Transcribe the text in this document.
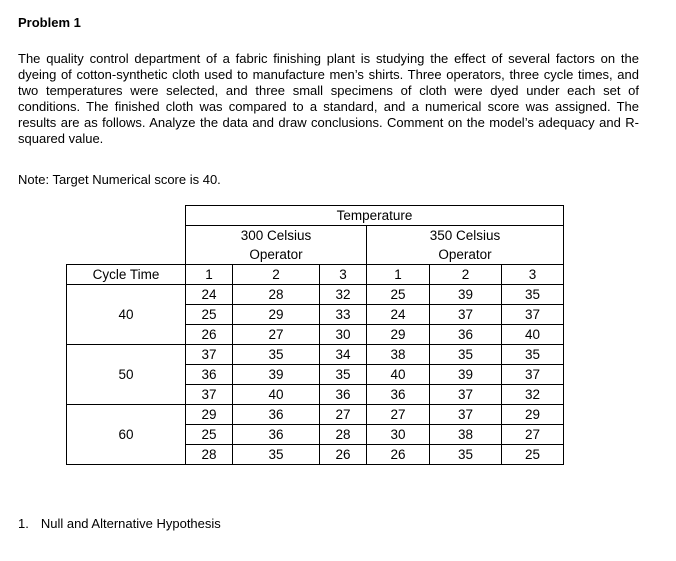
Problem 1

The quality control department of a fabric finishing plant is studying the effect of several factors on the dyeing of cotton-synthetic cloth used to manufacture men’s shirts. Three operators, three cycle times, and two temperatures were selected, and three small specimens of cloth were dyed under each set of conditions. The finished cloth was compared to a standard, and a numerical score was assigned. The results are as follows. Analyze the data and draw conclusions. Comment on the model’s adequacy and R-squared value.

Note: Target Numerical score is 40.

	Temperature					
	300 Celsius			350 Celsius		
	Operator			Operator		
Cycle Time	1	2	3	1	2	3
40	24	28	32	25	39	35
	25	29	33	24	37	37
	26	27	30	29	36	40
50	37	35	34	38	35	35
	36	39	35	40	39	37
	37	40	36	36	37	32
60	29	36	27	27	37	29
	25	36	28	30	38	27
	28	35	26	26	35	25

1. Null and Alternative Hypothesis
